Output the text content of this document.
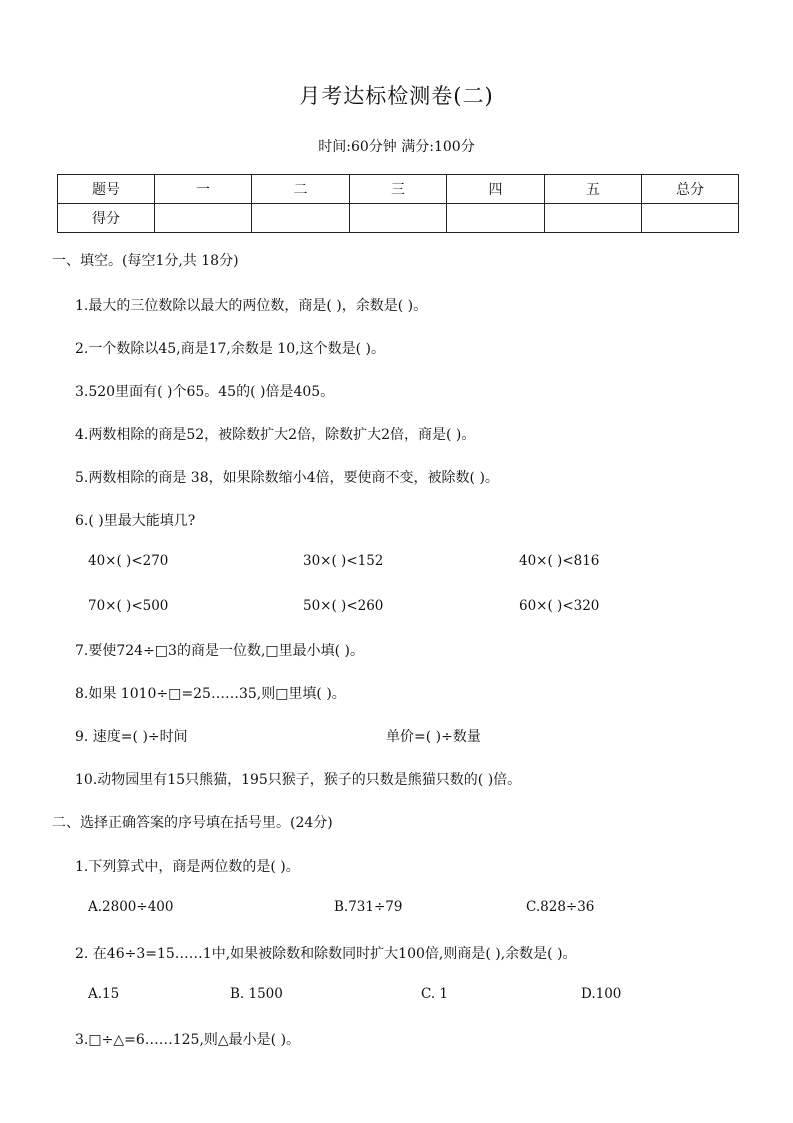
月考达标检测卷(二)
时间:60分钟 满分:100分
题号	一	二	三	四	五	总分
得分						
一、填空。(每空1分,共 18分)
1.最大的三位数除以最大的两位数，商是( )，余数是( )。
2.一个数除以45,商是17,余数是 10,这个数是( )。
3.520里面有( )个65。45的( )倍是405。
4.两数相除的商是52，被除数扩大2倍，除数扩大2倍，商是( )。
5.两数相除的商是 38，如果除数缩小4倍，要使商不变，被除数( )。
6.( )里最大能填几?
40×( )<270	30×( )<152	40×( )<816
70×( )<500	50×( )<260	60×( )<320
7.要使724÷□3的商是一位数,□里最小填( )。
8.如果 1010÷□=25……35,则□里填( )。
9. 速度=( )÷时间	单价=( )÷数量
10.动物园里有15只熊猫，195只猴子，猴子的只数是熊猫只数的( )倍。
二、选择正确答案的序号填在括号里。(24分)
1.下列算式中，商是两位数的是( )。
A.2800÷400	B.731÷79	C.828÷36
2. 在46÷3=15……1中,如果被除数和除数同时扩大100倍,则商是( ),余数是( )。
A.15	B. 1500	C. 1	D.100
3.□÷△=6……125,则△最小是( )。
